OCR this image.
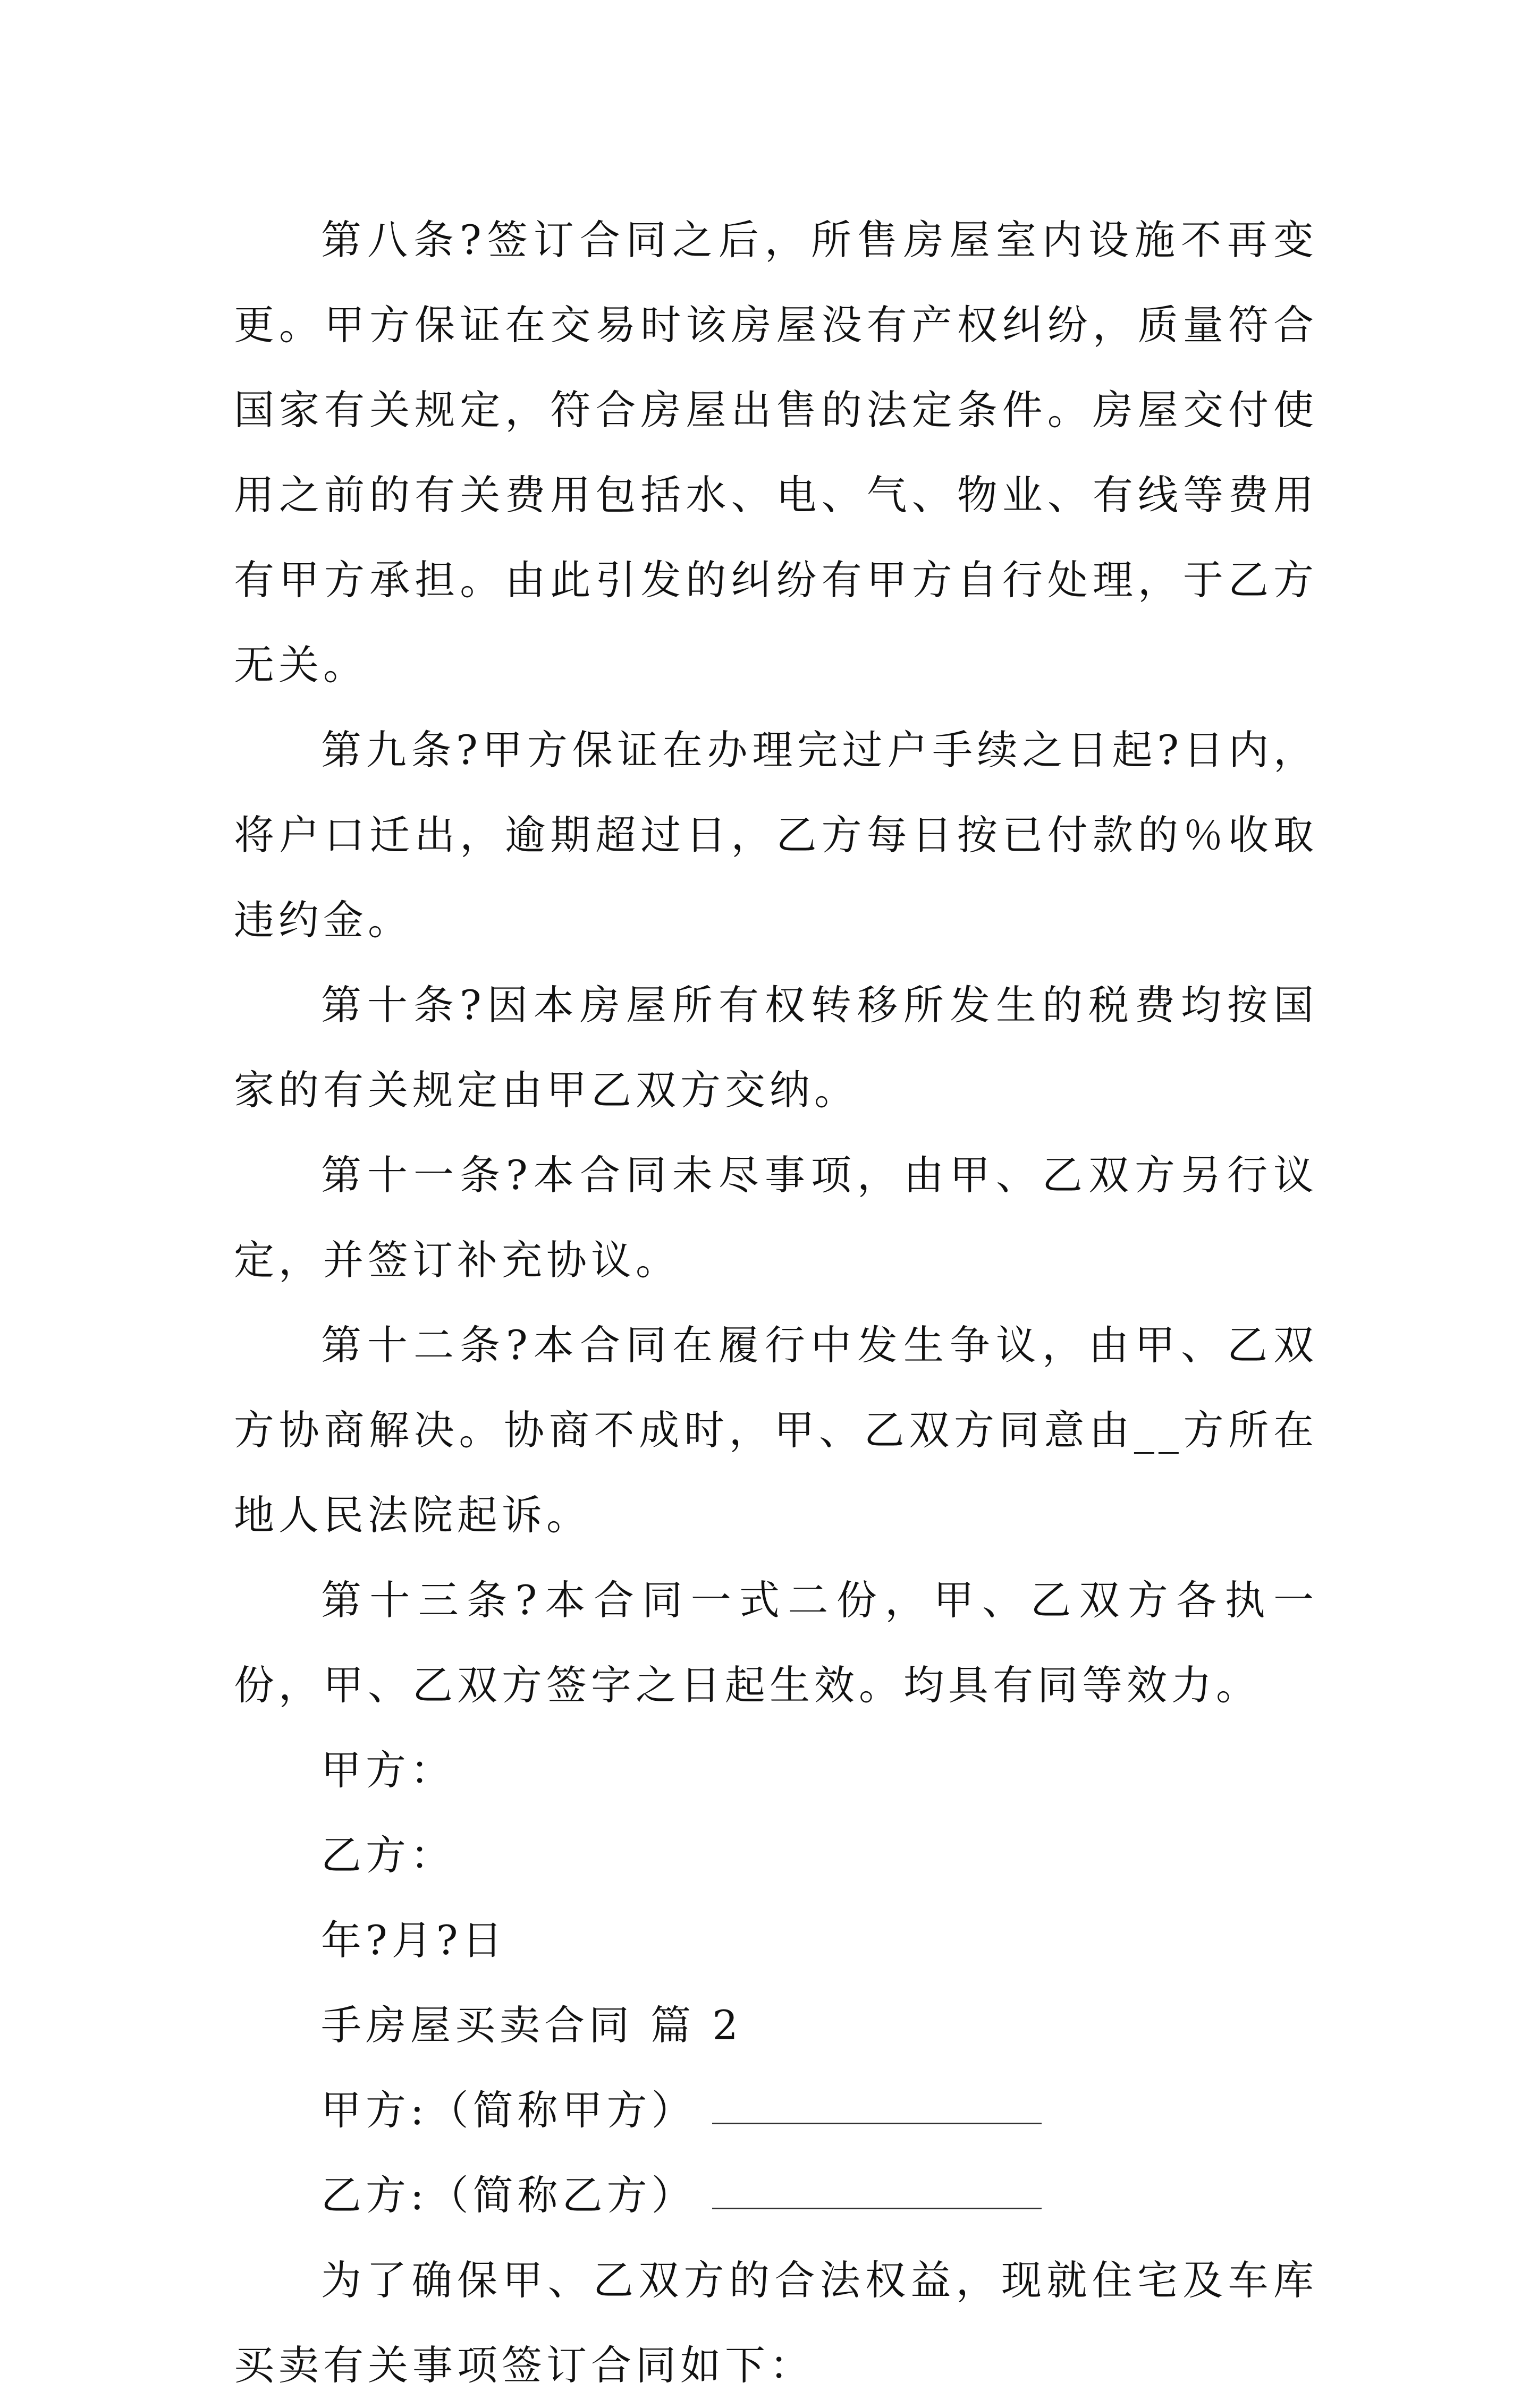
第八条?签订合同之后，所售房屋室内设施不再变更。甲方保证在交易时该房屋没有产权纠纷，质量符合国家有关规定，符合房屋出售的法定条件。房屋交付使用之前的有关费用包括水、电、气、物业、有线等费用有甲方承担。由此引发的纠纷有甲方自行处理，于乙方无关。

第九条?甲方保证在办理完过户手续之日起?日内，将户口迁出，逾期超过日，乙方每日按已付款的％收取违约金。

第十条?因本房屋所有权转移所发生的税费均按国家的有关规定由甲乙双方交纳。

第十一条?本合同未尽事项，由甲、乙双方另行议定，并签订补充协议。

第十二条?本合同在履行中发生争议，由甲、乙双方协商解决。协商不成时，甲、乙双方同意由__方所在地人民法院起诉。

第十三条?本合同一式二份，甲、乙双方各执一份，甲、乙双方签字之日起生效。均具有同等效力。

甲方：

乙方：

年?月?日

手房屋买卖合同 篇 2

甲方:（简称甲方）

乙方:（简称乙方）

为了确保甲、乙双方的合法权益，现就住宅及车库买卖有关事项签订合同如下：
